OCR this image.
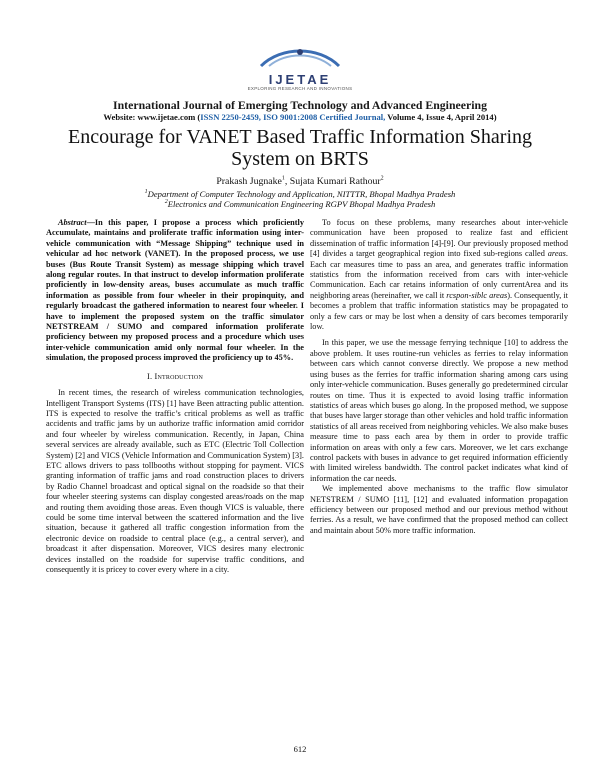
IJETAE
EXPLORING RESEARCH AND INNOVATIONS
International Journal of Emerging Technology and Advanced Engineering
Website: www.ijetae.com (ISSN 2250-2459, ISO 9001:2008 Certified Journal, Volume 4, Issue 4, April 2014)
Encourage for VANET Based Traffic Information Sharing System on BRTS
Prakash Jugnake$^1$, Sujata Kumari Rathour$^2$
$^1$Department of Computer Technology and Application, NITTTR, Bhopal Madhya Pradesh
$^2$Electronics and Communication Engineering RGPV Bhopal Madhya Pradesh

Abstract—In this paper, I propose a process which proficiently Accumulate, maintains and proliferate traffic information using inter-vehicle communication with “Message Shipping” technique used in vehicular ad hoc network (VANET). In the proposed process, we use buses (Bus Route Transit System) as message shipping which travel along regular routes. In that instruct to develop information proliferate proficiently in low-density areas, buses accumulate as much traffic information as possible from four wheeler in their propinquity, and regularly broadcast the gathered information to nearest four wheeler. I have to implement the proposed system on the traffic simulator NETSTREAM / SUMO and compared information proliferate proficiency between my proposed process and a procedure which uses inter-vehicle communication amid only normal four wheeler. In the simulation, the proposed process improved the proficiency up to 45%.

I. Introduction

In recent times, the research of wireless communication technologies, Intelligent Transport Systems (ITS) [1] have Been attracting public attention. ITS is expected to resolve the traffic’s critical problems as well as traffic accidents and traffic jams by un authorize traffic information amid corridor and four wheeler by wireless communication. Recently, in Japan, China several services are already available, such as ETC (Electric Toll Collection System) [2] and VICS (Vehicle Information and Communication System) [3]. ETC allows drivers to pass tollbooths without stopping for payment. VICS granting information of traffic jams and road construction places to drivers by Radio Channel broadcast and optical signal on the roadside so that their four wheeler steering systems can display congested areas/roads on the map and routing them avoiding those areas. Even though VICS is valuable, there could be some time interval between the scattered information and the live situation, because it gathered all traffic congestion information from the electronic device on roadside to central place (e.g., a central server), and broadcast it after dispensation. Moreover, VICS desires many electronic devices installed on the roadside for supervise traffic conditions, and consequently it is pricey to cover every where in a city.

To focus on these problems, many researches about inter-vehicle communication have been proposed to realize fast and efficient dissemination of traffic information [4]-[9]. Our previously proposed method [4] divides a target geographical region into fixed sub-regions called areas. Each car measures time to pass an area, and generates traffic information statistics from the information received from cars with inter-vehicle Communication. Each car retains information of only currentArea and its neighboring areas (hereinafter, we call it rcspon-siblc areas). Consequently, it becomes a problem that traffic information statistics may be propagated to only a few cars or may be lost when a density of cars becomes temporarily low.

In this paper, we use the message ferrying technique [10] to address the above problem. It uses routine-run vehicles as ferries to relay information between cars which cannot converse directly. We propose a new method using buses as the ferries for traffic information sharing among cars using only inter-vehicle communication. Buses generally go predetermined circular routes on time. Thus it is expected to avoid losing traffic information statistics of areas which buses go along. In the proposed method, we suppose that buses have larger storage than other vehicles and hold traffic information statistics of all areas received from neighboring vehicles. We also make buses measure time to pass each area by them in order to provide traffic information on areas with only a few cars. Moreover, we let cars exchange control packets with buses in advance to get required information efficiently with limited wireless bandwidth. The control packet indicates what kind of information the car needs.

We implemented above mechanisms to the traffic flow simulator NETSTREM / SUMO [11], [12] and evaluated information propagation efficiency between our proposed method and our previous method without ferries. As a result, we have confirmed that the proposed method can collect and maintain about 50% more traffic information.

612
